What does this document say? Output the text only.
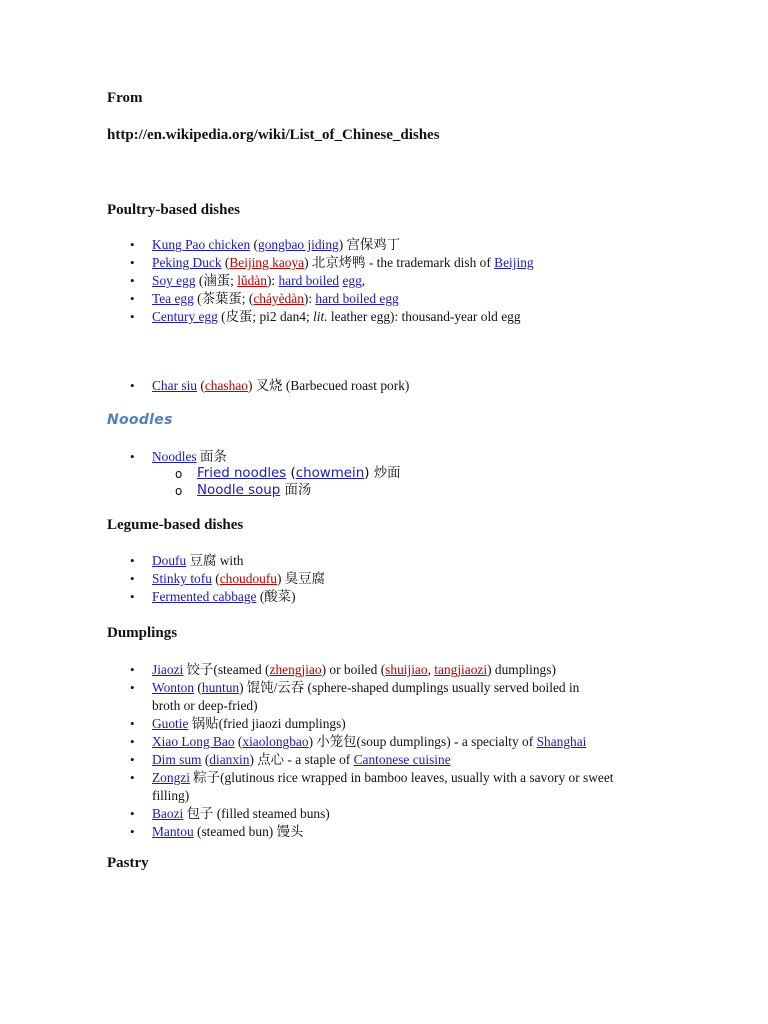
From
http://en.wikipedia.org/wiki/List_of_Chinese_dishes
Poultry-based dishes
• Kung Pao chicken (gongbao jiding) 宫保鸡丁
• Peking Duck (Beijing kaoya) 北京烤鸭 - the trademark dish of Beijing
• Soy egg (滷蛋; lǔdàn): hard boiled egg,
• Tea egg (茶葉蛋; (cháyèdàn): hard boiled egg
• Century egg (皮蛋; pi2 dan4; lit. leather egg): thousand-year old egg
• Char siu (chashao) 叉烧 (Barbecued roast pork)
Noodles
• Noodles 面条
o Fried noodles (chowmein) 炒面
o Noodle soup 面汤
Legume-based dishes
• Doufu 豆腐 with
• Stinky tofu (choudoufu) 臭豆腐
• Fermented cabbage (酸菜)
Dumplings
• Jiaozi 饺子(steamed (zhengjiao) or boiled (shuijiao, tangjiaozi) dumplings)
• Wonton (huntun) 馄饨/云吞 (sphere-shaped dumplings usually served boiled in
broth or deep-fried)
• Guotie 锅贴(fried jiaozi dumplings)
• Xiao Long Bao (xiaolongbao) 小笼包(soup dumplings) - a specialty of Shanghai
• Dim sum (dianxin) 点心 - a staple of Cantonese cuisine
• Zongzi 粽子(glutinous rice wrapped in bamboo leaves, usually with a savory or sweet
filling)
• Baozi 包子 (filled steamed buns)
• Mantou (steamed bun) 馒头
Pastry
